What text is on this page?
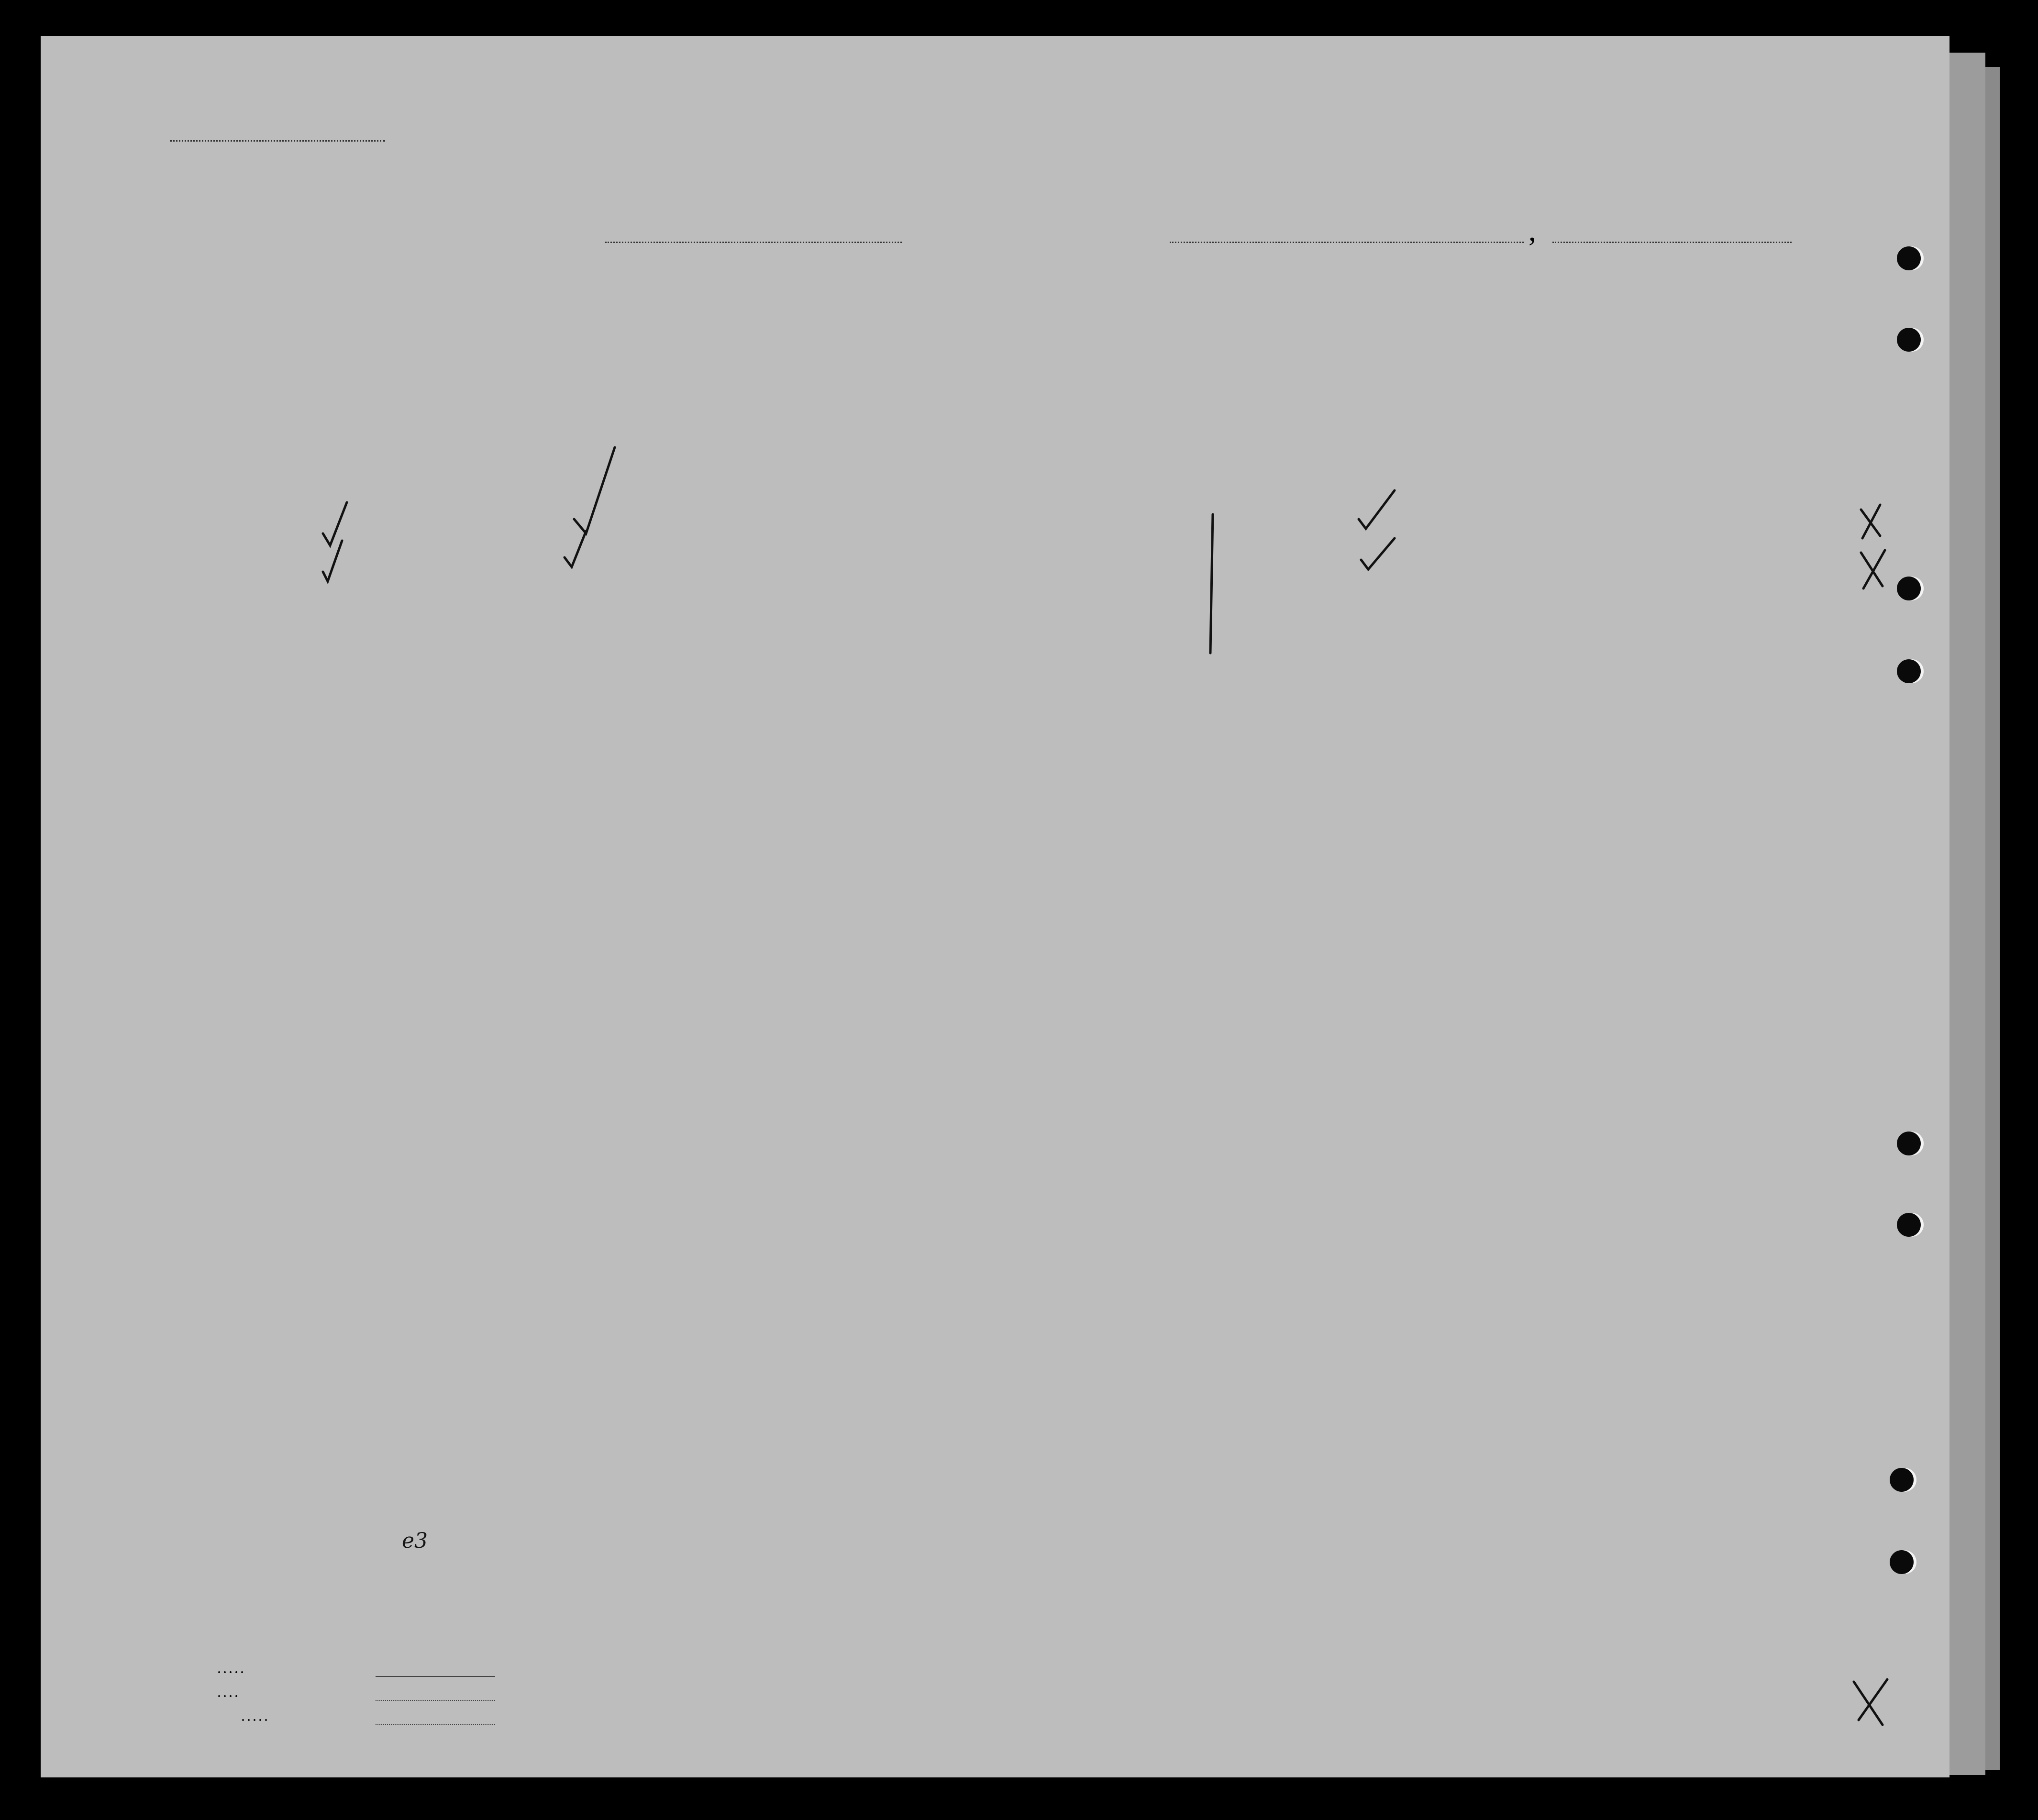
,
e3
. . . . .
. . . .
. . . . .
